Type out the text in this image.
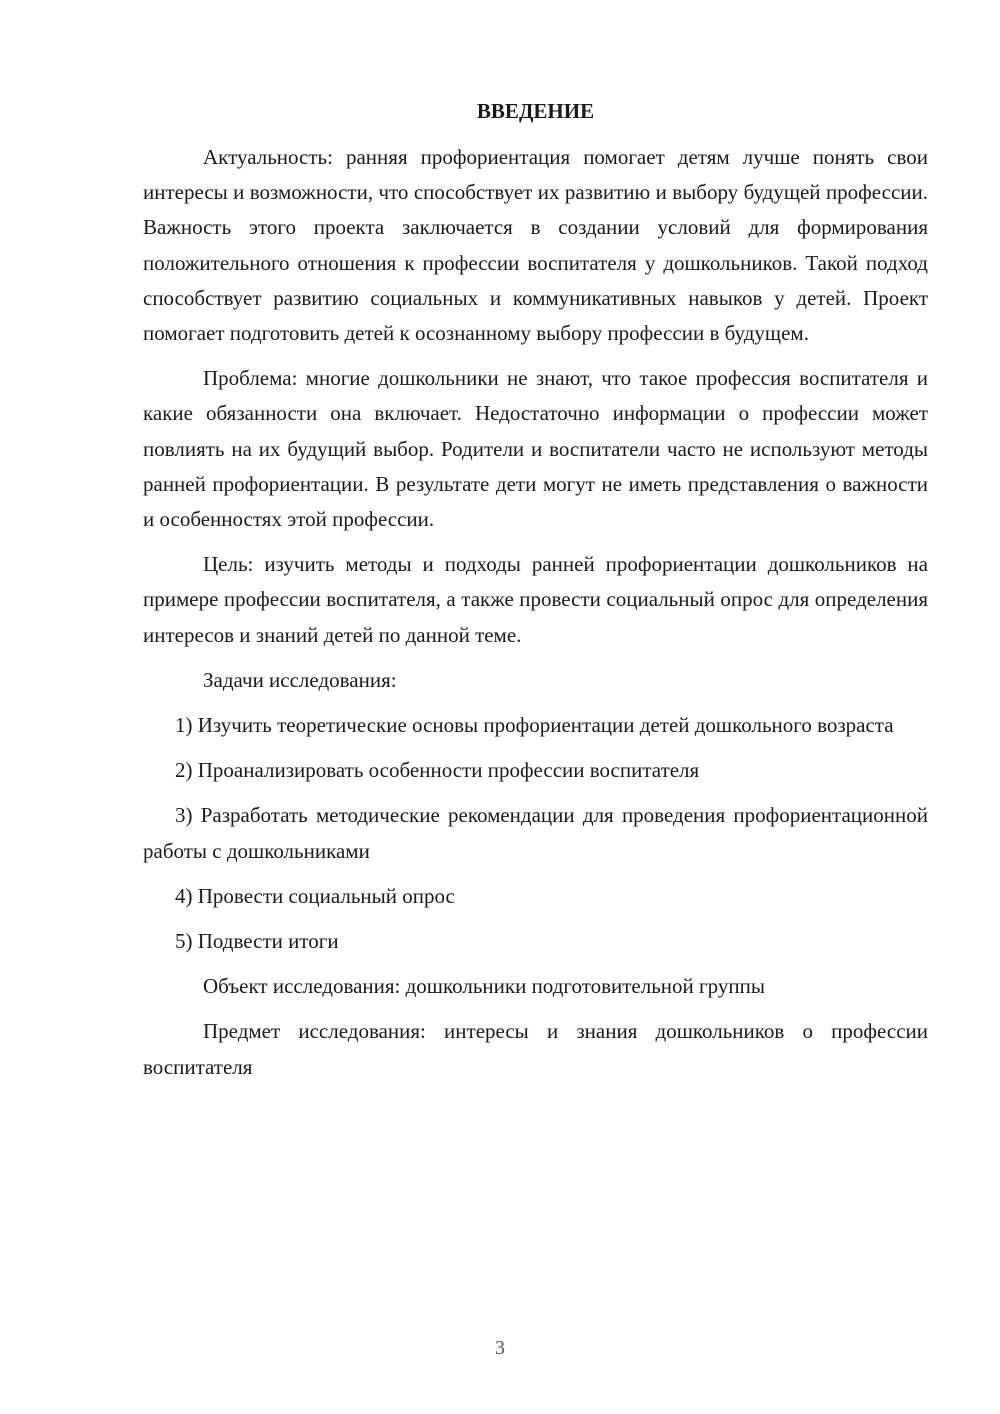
ВВЕДЕНИЕ

Актуальность: ранняя профориентация помогает детям лучше понять свои интересы и возможности, что способствует их развитию и выбору будущей профессии. Важность этого проекта заключается в создании условий для формирования положительного отношения к профессии воспитателя у дошкольников. Такой подход способствует развитию социальных и коммуникативных навыков у детей. Проект помогает подготовить детей к осознанному выбору профессии в будущем.

Проблема: многие дошкольники не знают, что такое профессия воспитателя и какие обязанности она включает. Недостаточно информации о профессии может повлиять на их будущий выбор. Родители и воспитатели часто не используют методы ранней профориентации. В результате дети могут не иметь представления о важности и особенностях этой профессии.

Цель: изучить методы и подходы ранней профориентации дошкольников на примере профессии воспитателя, а также провести социальный опрос для определения интересов и знаний детей по данной теме.

Задачи исследования:

1) Изучить теоретические основы профориентации детей дошкольного возраста

2) Проанализировать особенности профессии воспитателя

3) Разработать методические рекомендации для проведения профориентационной работы с дошкольниками

4) Провести социальный опрос

5) Подвести итоги

Объект исследования: дошкольники подготовительной группы

Предмет исследования: интересы и знания дошкольников о профессии воспитателя

3
